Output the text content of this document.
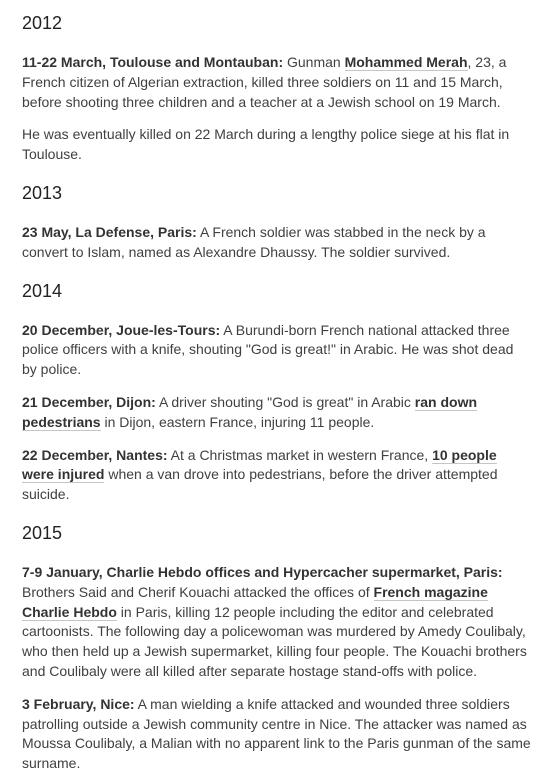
2012

11-22 March, Toulouse and Montauban: Gunman Mohammed Merah, 23, a French citizen of Algerian extraction, killed three soldiers on 11 and 15 March, before shooting three children and a teacher at a Jewish school on 19 March.

He was eventually killed on 22 March during a lengthy police siege at his flat in Toulouse.

2013

23 May, La Defense, Paris: A French soldier was stabbed in the neck by a convert to Islam, named as Alexandre Dhaussy. The soldier survived.

2014

20 December, Joue-les-Tours: A Burundi-born French national attacked three police officers with a knife, shouting "God is great!" in Arabic. He was shot dead by police.

21 December, Dijon: A driver shouting "God is great" in Arabic ran down pedestrians in Dijon, eastern France, injuring 11 people.

22 December, Nantes: At a Christmas market in western France, 10 people were injured when a van drove into pedestrians, before the driver attempted suicide.

2015

7-9 January, Charlie Hebdo offices and Hypercacher supermarket, Paris: Brothers Said and Cherif Kouachi attacked the offices of French magazine Charlie Hebdo in Paris, killing 12 people including the editor and celebrated cartoonists. The following day a policewoman was murdered by Amedy Coulibaly, who then held up a Jewish supermarket, killing four people. The Kouachi brothers and Coulibaly were all killed after separate hostage stand-offs with police.

3 February, Nice: A man wielding a knife attacked and wounded three soldiers patrolling outside a Jewish community centre in Nice. The attacker was named as Moussa Coulibaly, a Malian with no apparent link to the Paris gunman of the same surname.
